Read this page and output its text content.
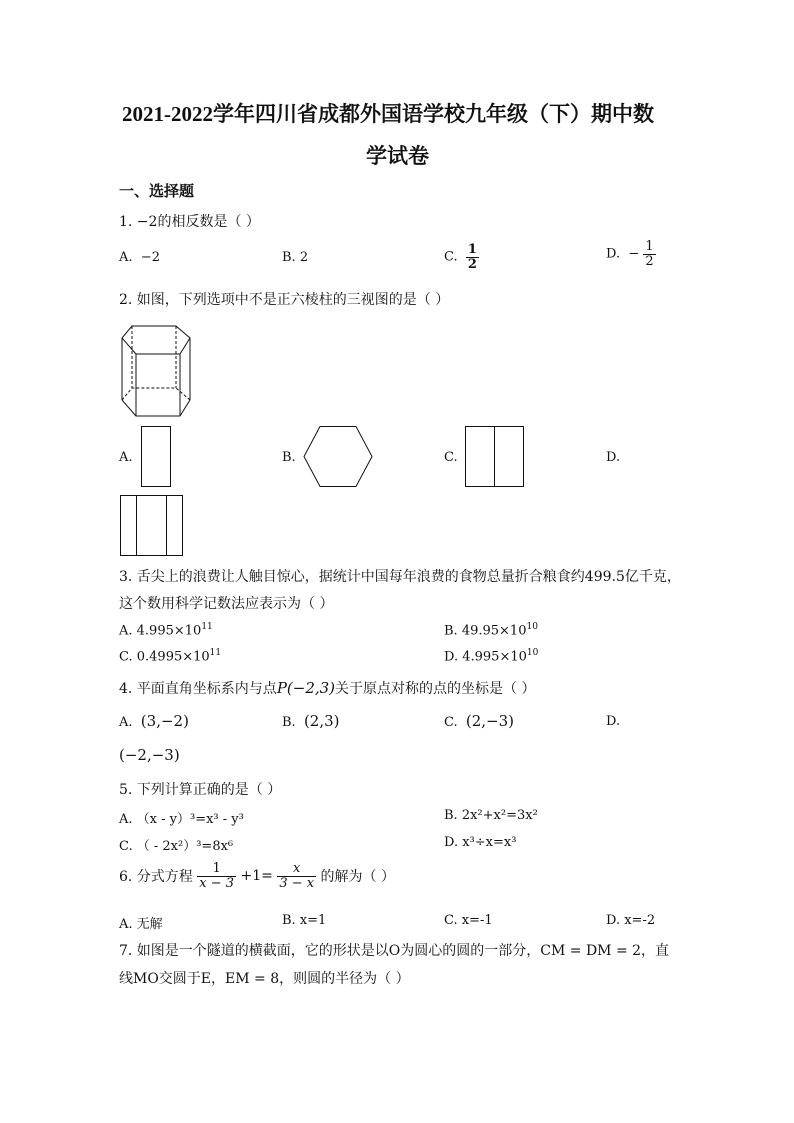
2021-2022学年四川省成都外国语学校九年级（下）期中数
学试卷
一、选择题
1. −2的相反数是（ ）
A. −2	B. 2	C. $\frac{1}{2}$	D. − $\frac{1}{2}$
2. 如图，下列选项中不是正六棱柱的三视图的是（ ）
A.	B.	C.	D.
3. 舌尖上的浪费让人触目惊心，据统计中国每年浪费的食物总量折合粮食约499.5亿千克，
这个数用科学记数法应表示为（ ）
A. $4.995\times 10^{11}$	B. $49.95\times 10^{10}$
C. $0.4995\times 10^{11}$	D. $4.995\times 10^{10}$
4. 平面直角坐标系内与点P(−2,3)关于原点对称的点的坐标是（ ）
A. (3,−2)	B. (2,3)	C. (2,−3)	D.
(−2,−3)
5. 下列计算正确的是（ ）
A. （x - y）³=x³ - y³	B. 2x²+x²=3x²
C. （ - 2x²）³=8x⁶	D. x³÷x=x³
6. 分式方程 $\frac{1}{x - 3} +1= \frac{x}{3 - x}$ 的解为（ ）
A. 无解	B. x=1	C. x=-1	D. x=-2
7. 如图是一个隧道的横截面，它的形状是以O为圆心的圆的一部分，CM = DM = 2，直
线MO交圆于E，EM = 8，则圆的半径为（ ）
